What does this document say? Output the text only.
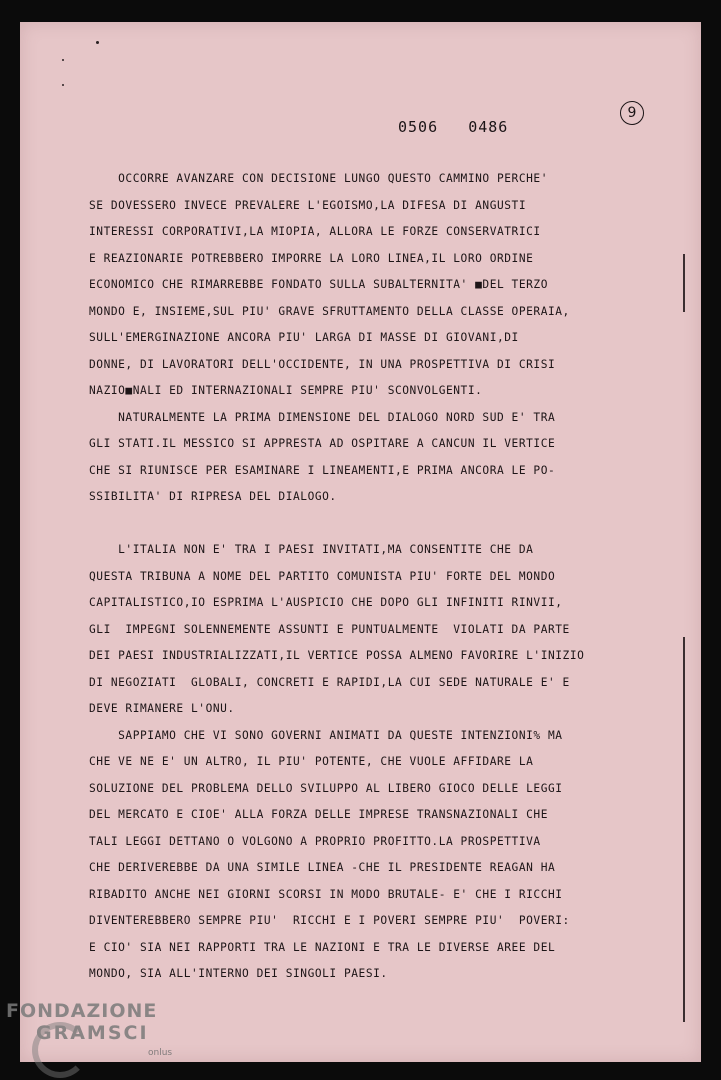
0506   0486
9
OCCORRE AVANZARE CON DECISIONE LUNGO QUESTO CAMMINO PERCHE'
SE DOVESSERO INVECE PREVALERE L'EGOISMO,LA DIFESA DI ANGUSTI
INTERESSI CORPORATIVI,LA MIOPIA, ALLORA LE FORZE CONSERVATRICI
E REAZIONARIE POTREBBERO IMPORRE LA LORO LINEA,IL LORO ORDINE
ECONOMICO CHE RIMARREBBE FONDATO SULLA SUBALTERNITA' ■DEL TERZO
MONDO E, INSIEME,SUL PIU' GRAVE SFRUTTAMENTO DELLA CLASSE OPERAIA,
SULL'EMERGINAZIONE ANCORA PIU' LARGA DI MASSE DI GIOVANI,DI
DONNE, DI LAVORATORI DELL'OCCIDENTE, IN UNA PROSPETTIVA DI CRISI
NAZIO■NALI ED INTERNAZIONALI SEMPRE PIU' SCONVOLGENTI.
NATURALMENTE LA PRIMA DIMENSIONE DEL DIALOGO NORD SUD E' TRA
GLI STATI.IL MESSICO SI APPRESTA AD OSPITARE A CANCUN IL VERTICE
CHE SI RIUNISCE PER ESAMINARE I LINEAMENTI,E PRIMA ANCORA LE PO-
SSIBILITA' DI RIPRESA DEL DIALOGO.
L'ITALIA NON E' TRA I PAESI INVITATI,MA CONSENTITE CHE DA
QUESTA TRIBUNA A NOME DEL PARTITO COMUNISTA PIU' FORTE DEL MONDO
CAPITALISTICO,IO ESPRIMA L'AUSPICIO CHE DOPO GLI INFINITI RINVII,
GLI  IMPEGNI SOLENNEMENTE ASSUNTI E PUNTUALMENTE  VIOLATI DA PARTE
DEI PAESI INDUSTRIALIZZATI,IL VERTICE POSSA ALMENO FAVORIRE L'INIZIO
DI NEGOZIATI  GLOBALI, CONCRETI E RAPIDI,LA CUI SEDE NATURALE E' E
DEVE RIMANERE L'ONU.
SAPPIAMO CHE VI SONO GOVERNI ANIMATI DA QUESTE INTENZIONI% MA
CHE VE NE E' UN ALTRO, IL PIU' POTENTE, CHE VUOLE AFFIDARE LA
SOLUZIONE DEL PROBLEMA DELLO SVILUPPO AL LIBERO GIOCO DELLE LEGGI
DEL MERCATO E CIOE' ALLA FORZA DELLE IMPRESE TRANSNAZIONALI CHE
TALI LEGGI DETTANO O VOLGONO A PROPRIO PROFITTO.LA PROSPETTIVA
CHE DERIVEREBBE DA UNA SIMILE LINEA -CHE IL PRESIDENTE REAGAN HA
RIBADITO ANCHE NEI GIORNI SCORSI IN MODO BRUTALE- E' CHE I RICCHI
DIVENTEREBBERO SEMPRE PIU'  RICCHI E I POVERI SEMPRE PIU'  POVERI:
E CIO' SIA NEI RAPPORTI TRA LE NAZIONI E TRA LE DIVERSE AREE DEL
MONDO, SIA ALL'INTERNO DEI SINGOLI PAESI.
FONDAZIONE
GRAMSCI
onlus
